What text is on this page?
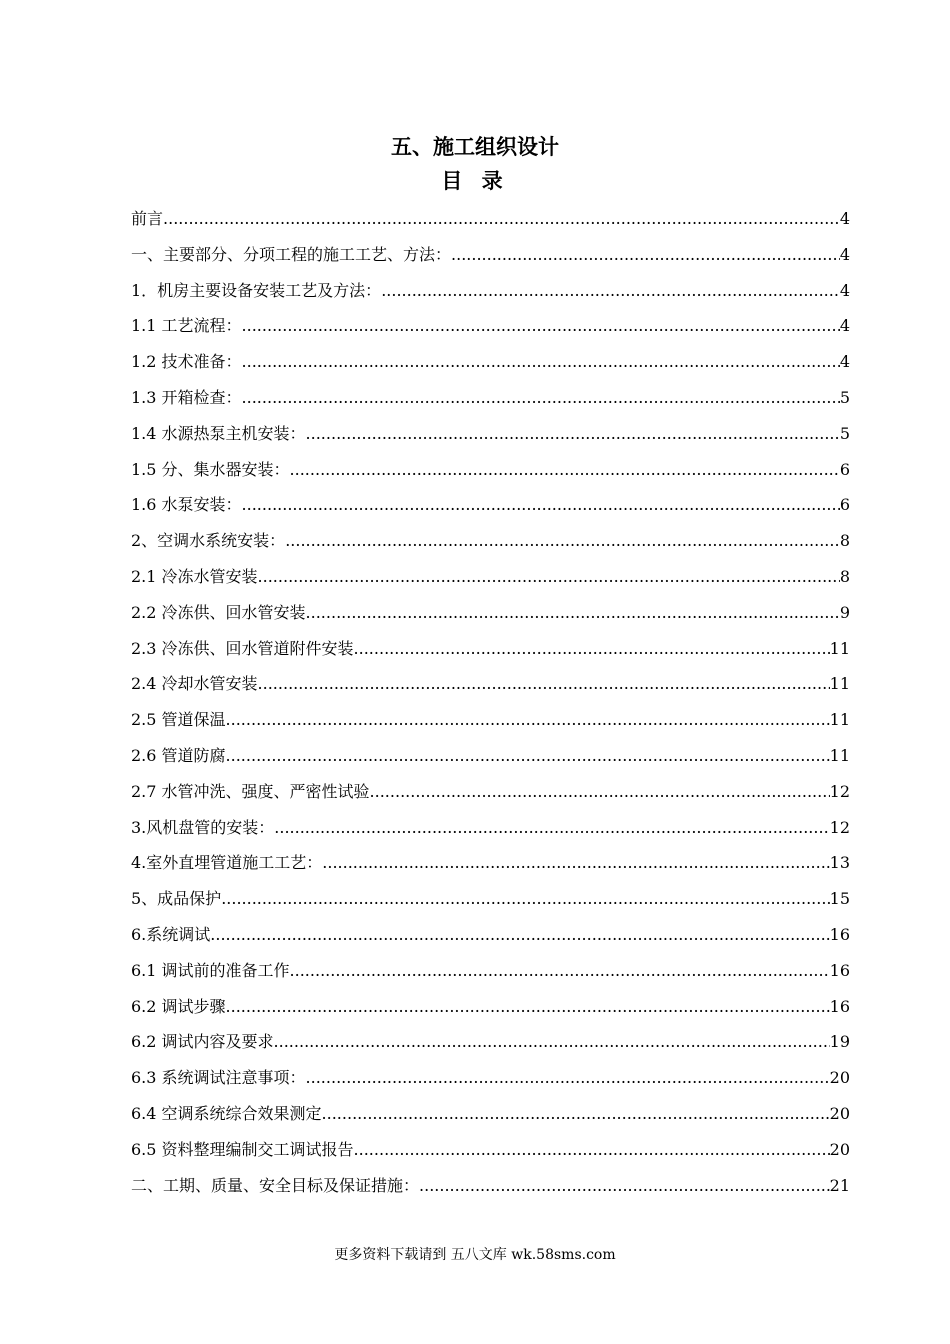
五、施工组织设计
目 录
前言 .....	4
一、主要部分、分项工程的施工工艺、方法： .....	4
1．机房主要设备安装工艺及方法： .....	4
1.1 工艺流程： .....	4
1.2 技术准备： .....	4
1.3 开箱检查： .....	5
1.4 水源热泵主机安装： .....	5
1.5 分、集水器安装： .....	6
1.6 水泵安装： .....	6
2、空调水系统安装： .....	8
2.1 冷冻水管安装 .....	8
2.2 冷冻供、回水管安装 .....	9
2.3 冷冻供、回水管道附件安装 .....	11
2.4 冷却水管安装 .....	11
2.5 管道保温 .....	11
2.6 管道防腐 .....	11
2.7 水管冲洗、强度、严密性试验 .....	12
3.风机盘管的安装： .....	12
4.室外直埋管道施工工艺： .....	13
5、成品保护 .....	15
6.系统调试 .....	16
6.1 调试前的准备工作 .....	16
6.2 调试步骤 .....	16
6.2 调试内容及要求 .....	19
6.3 系统调试注意事项： .....	20
6.4 空调系统综合效果测定 .....	20
6.5 资料整理编制交工调试报告 .....	20
二、工期、质量、安全目标及保证措施： .....	21
更多资料下载请到 五八文库 wk.58sms.com
